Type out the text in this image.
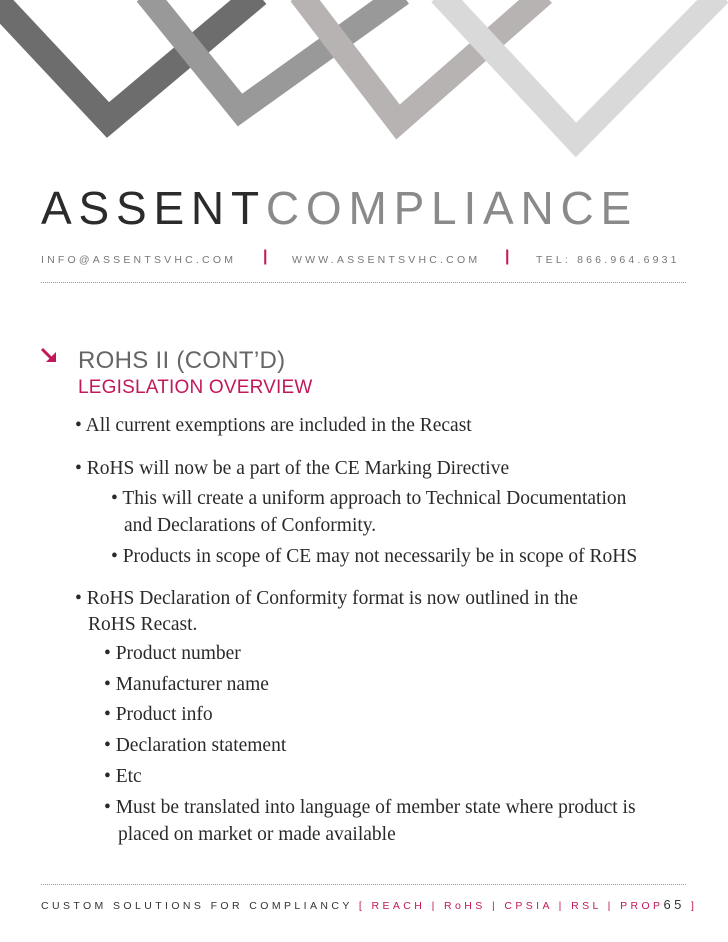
ASSENTCOMPLIANCE
INFO@ASSENTSVHC.COM | WWW.ASSENTSVHC.COM |	TEL: 866.964.6931
ROHS II (CONT’D)
LEGISLATION OVERVIEW
• All current exemptions are included in the Recast
• RoHS will now be a part of the CE Marking Directive
• This will create a uniform approach to Technical Documentation
and Declarations of Conformity.
• Products in scope of CE may not necessarily be in scope of RoHS
• RoHS Declaration of Conformity format is now outlined in the
RoHS Recast.
• Product number
• Manufacturer name
• Product info
• Declaration statement
• Etc
• Must be translated into language of member state where product is
placed on market or made available
CUSTOM SOLUTIONS FOR COMPLIANCY [ REACH | RoHS | CPSIA | RSL | PROP65 ]
